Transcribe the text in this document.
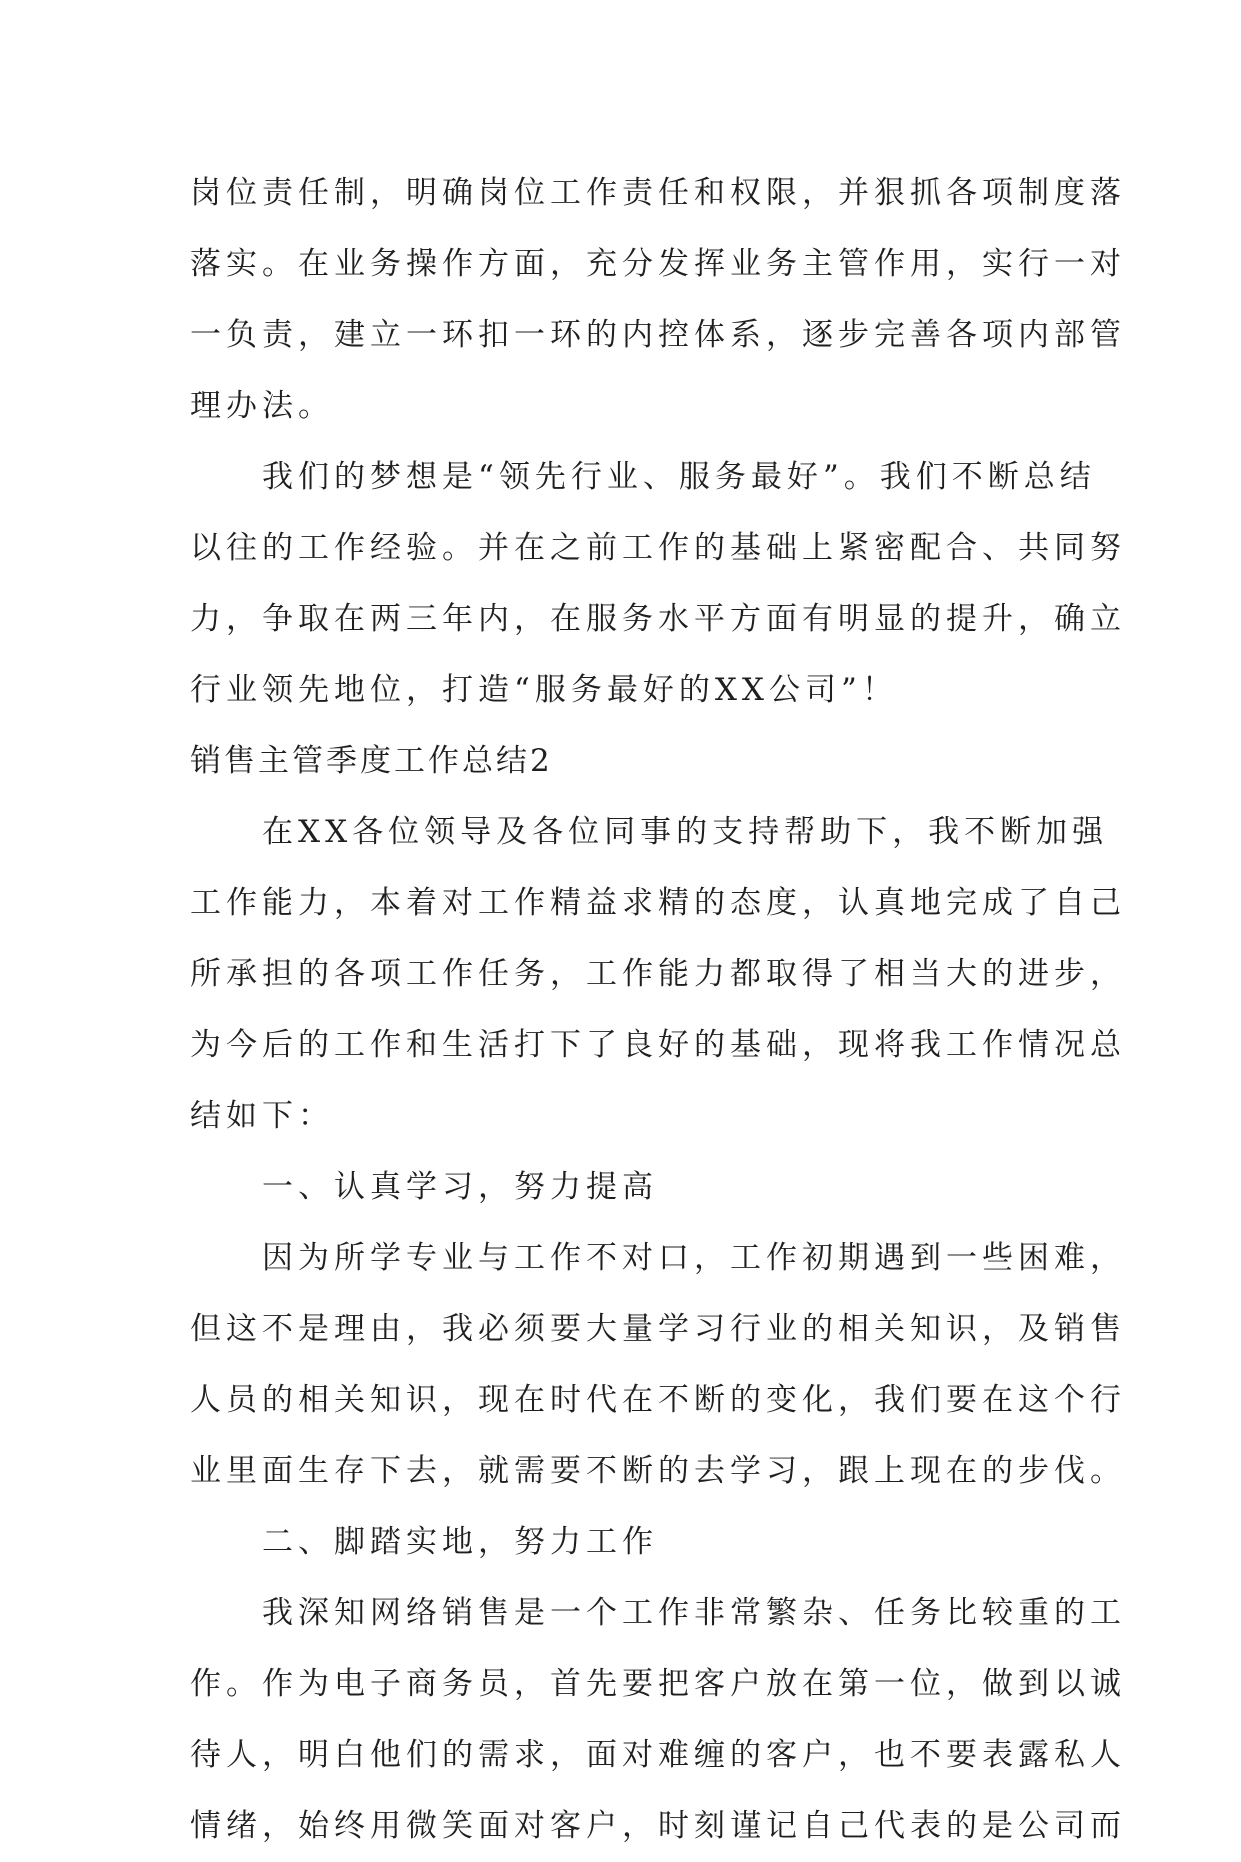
岗位责任制，明确岗位工作责任和权限，并狠抓各项制度落
落实。在业务操作方面，充分发挥业务主管作用，实行一对
一负责，建立一环扣一环的内控体系，逐步完善各项内部管
理办法。
我们的梦想是“领先行业、服务最好”。我们不断总结
以往的工作经验。并在之前工作的基础上紧密配合、共同努
力，争取在两三年内，在服务水平方面有明显的提升，确立
行业领先地位，打造“服务最好的XX公司”！
销售主管季度工作总结2
在XX各位领导及各位同事的支持帮助下，我不断加强
工作能力，本着对工作精益求精的态度，认真地完成了自己
所承担的各项工作任务，工作能力都取得了相当大的进步，
为今后的工作和生活打下了良好的基础，现将我工作情况总
结如下：
一、认真学习，努力提高
因为所学专业与工作不对口，工作初期遇到一些困难，
但这不是理由，我必须要大量学习行业的相关知识，及销售
人员的相关知识，现在时代在不断的变化，我们要在这个行
业里面生存下去，就需要不断的去学习，跟上现在的步伐。
二、脚踏实地，努力工作
我深知网络销售是一个工作非常繁杂、任务比较重的工
作。作为电子商务员，首先要把客户放在第一位，做到以诚
待人，明白他们的需求，面对难缠的客户，也不要表露私人
情绪，始终用微笑面对客户，时刻谨记自己代表的是公司而
